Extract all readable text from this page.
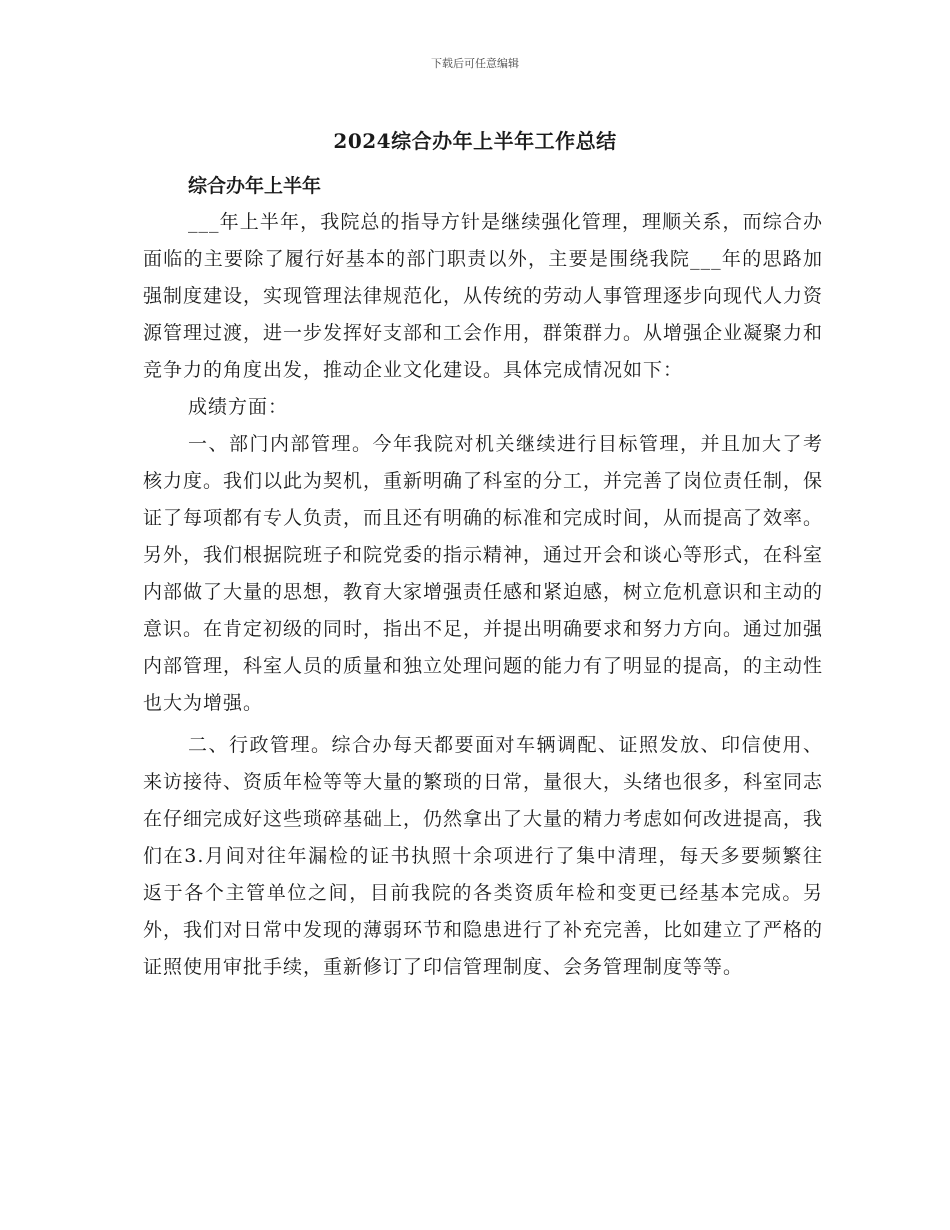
下载后可任意编辑
2024综合办年上半年工作总结

综合办年上半年

___年上半年，我院总的指导方针是继续强化管理，理顺关系，而综合办面临的主要除了履行好基本的部门职责以外，主要是围绕我院___年的思路加强制度建设，实现管理法律规范化，从传统的劳动人事管理逐步向现代人力资源管理过渡，进一步发挥好支部和工会作用，群策群力。从增强企业凝聚力和竞争力的角度出发，推动企业文化建设。具体完成情况如下：

成绩方面：

一、部门内部管理。今年我院对机关继续进行目标管理，并且加大了考核力度。我们以此为契机，重新明确了科室的分工，并完善了岗位责任制，保证了每项都有专人负责，而且还有明确的标准和完成时间，从而提高了效率。另外，我们根据院班子和院党委的指示精神，通过开会和谈心等形式，在科室内部做了大量的思想，教育大家增强责任感和紧迫感，树立危机意识和主动的意识。在肯定初级的同时，指出不足，并提出明确要求和努力方向。通过加强内部管理，科室人员的质量和独立处理问题的能力有了明显的提高，的主动性也大为增强。

二、行政管理。综合办每天都要面对车辆调配、证照发放、印信使用、来访接待、资质年检等等大量的繁琐的日常，量很大，头绪也很多，科室同志在仔细完成好这些琐碎基础上，仍然拿出了大量的精力考虑如何改进提高，我们在3.月间对往年漏检的证书执照十余项进行了集中清理，每天多要频繁往返于各个主管单位之间，目前我院的各类资质年检和变更已经基本完成。另外，我们对日常中发现的薄弱环节和隐患进行了补充完善，比如建立了严格的证照使用审批手续，重新修订了印信管理制度、会务管理制度等等。
